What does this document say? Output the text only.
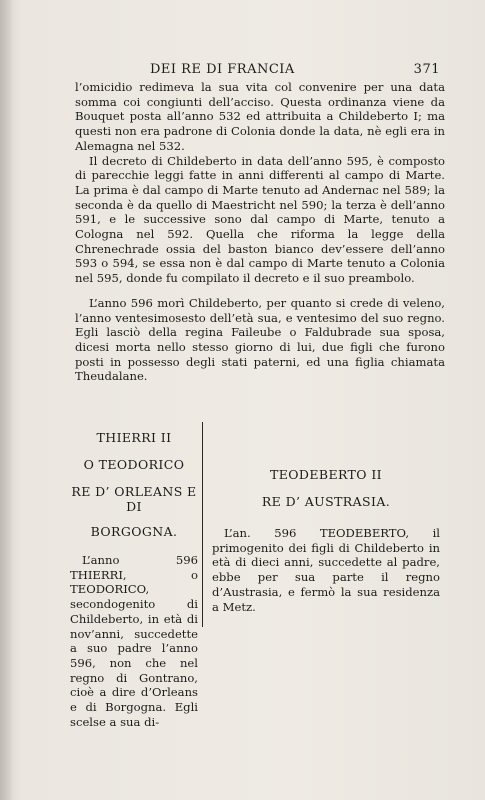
DEI RE DI FRANCIA	371

l’omicidio redimeva la sua vita col convenire per una data somma coi congiunti dell’acciso. Questa ordinanza viene da Bouquet posta all’anno 532 ed attribuita a Childeberto I; ma questi non era padrone di Colonia donde la data, nè egli era in Alemagna nel 532.

Il decreto di Childeberto in data dell’anno 595, è composto di parecchie leggi fatte in anni differenti al campo di Marte. La prima è dal campo di Marte tenuto ad Andernac nel 589; la seconda è da quello di Maestricht nel 590; la terza è dell’anno 591, e le successive sono dal campo di Marte, tenuto a Cologna nel 592. Quella che riforma la legge della Chrenechrade ossia del baston bianco dev’essere dell’anno 593 o 594, se essa non è dal campo di Marte tenuto a Colonia nel 595, donde fu compilato il decreto e il suo preambolo.

L’anno 596 morì Childeberto, per quanto si crede di veleno, l’anno ventesimosesto dell’età sua, e ventesimo del suo regno. Egli lasciò della regina Faileube o Faldubrade sua sposa, dicesi morta nello stesso giorno di lui, due figli che furono posti in possesso degli stati paterni, ed una figlia chiamata Theudalane.

THIERRI II

O TEODORICO

RE D’ ORLEANS E DI

BORGOGNA.

L’anno 596 THIERRI, o TEODORICO, secondogenito di Childeberto, in età di nov’anni, succedette a suo padre l’anno 596, non che nel regno di Gontrano, cioè a dire d’Orleans e di Borgogna. Egli scelse a sua di-

TEODEBERTO II

RE D’ AUSTRASIA.

L’an. 596 TEODEBERTO, il primogenito dei figli di Childeberto in età di dieci anni, succedette al padre, ebbe per sua parte il regno d’Austrasia, e fermò la sua residenza a Metz.
